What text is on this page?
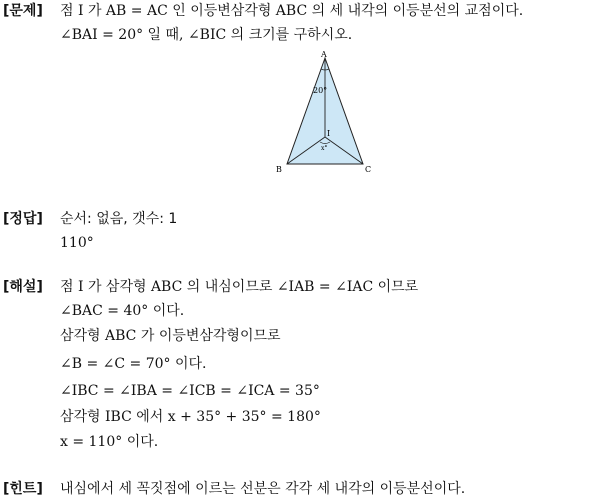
[문제] 점 I 가 AB = AC 인 이등변삼각형 ABC 의 세 내각의 이등분선의 교점이다.
∠BAI = 20° 일 때, ∠BIC 의 크기를 구하시오.
A
B	C
I
20°
x°
[정답] 순서: 없음, 갯수: 1
110°
[해설] 점 I 가 삼각형 ABC 의 내심이므로 ∠IAB = ∠IAC 이므로
∠BAC = 40° 이다.
삼각형 ABC 가 이등변삼각형이므로
∠B = ∠C = 70° 이다.
∠IBC = ∠IBA = ∠ICB = ∠ICA = 35°
삼각형 IBC 에서 x + 35° + 35° = 180°
x = 110° 이다.
[힌트] 내심에서 세 꼭짓점에 이르는 선분은 각각 세 내각의 이등분선이다.
